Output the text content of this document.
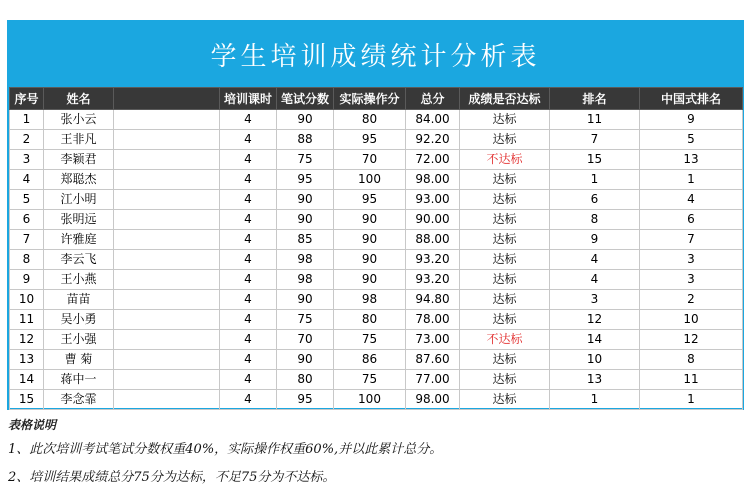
学生培训成绩统计分析表
序号	姓名		培训课时	笔试分数	实际操作分	总分	成绩是否达标	排名	中国式排名
1	张小云		4	90	80	84.00	达标	11	9
2	王非凡		4	88	95	92.20	达标	7	5
3	李颖君		4	75	70	72.00	不达标	15	13
4	郑聪杰		4	95	100	98.00	达标	1	1
5	江小明		4	90	95	93.00	达标	6	4
6	张明远		4	90	90	90.00	达标	8	6
7	许雅庭		4	85	90	88.00	达标	9	7
8	李云飞		4	98	90	93.20	达标	4	3
9	王小燕		4	98	90	93.20	达标	4	3
10	苗苗		4	90	98	94.80	达标	3	2
11	吴小勇		4	75	80	78.00	达标	12	10
12	王小强		4	70	75	73.00	不达标	14	12
13	曹 菊		4	90	86	87.60	达标	10	8
14	蒋中一		4	80	75	77.00	达标	13	11
15	李念霏		4	95	100	98.00	达标	1	1
表格说明
1、此次培训考试笔试分数权重40%，实际操作权重60%,并以此累计总分。
2、培训结果成绩总分75分为达标，不足75分为不达标。
